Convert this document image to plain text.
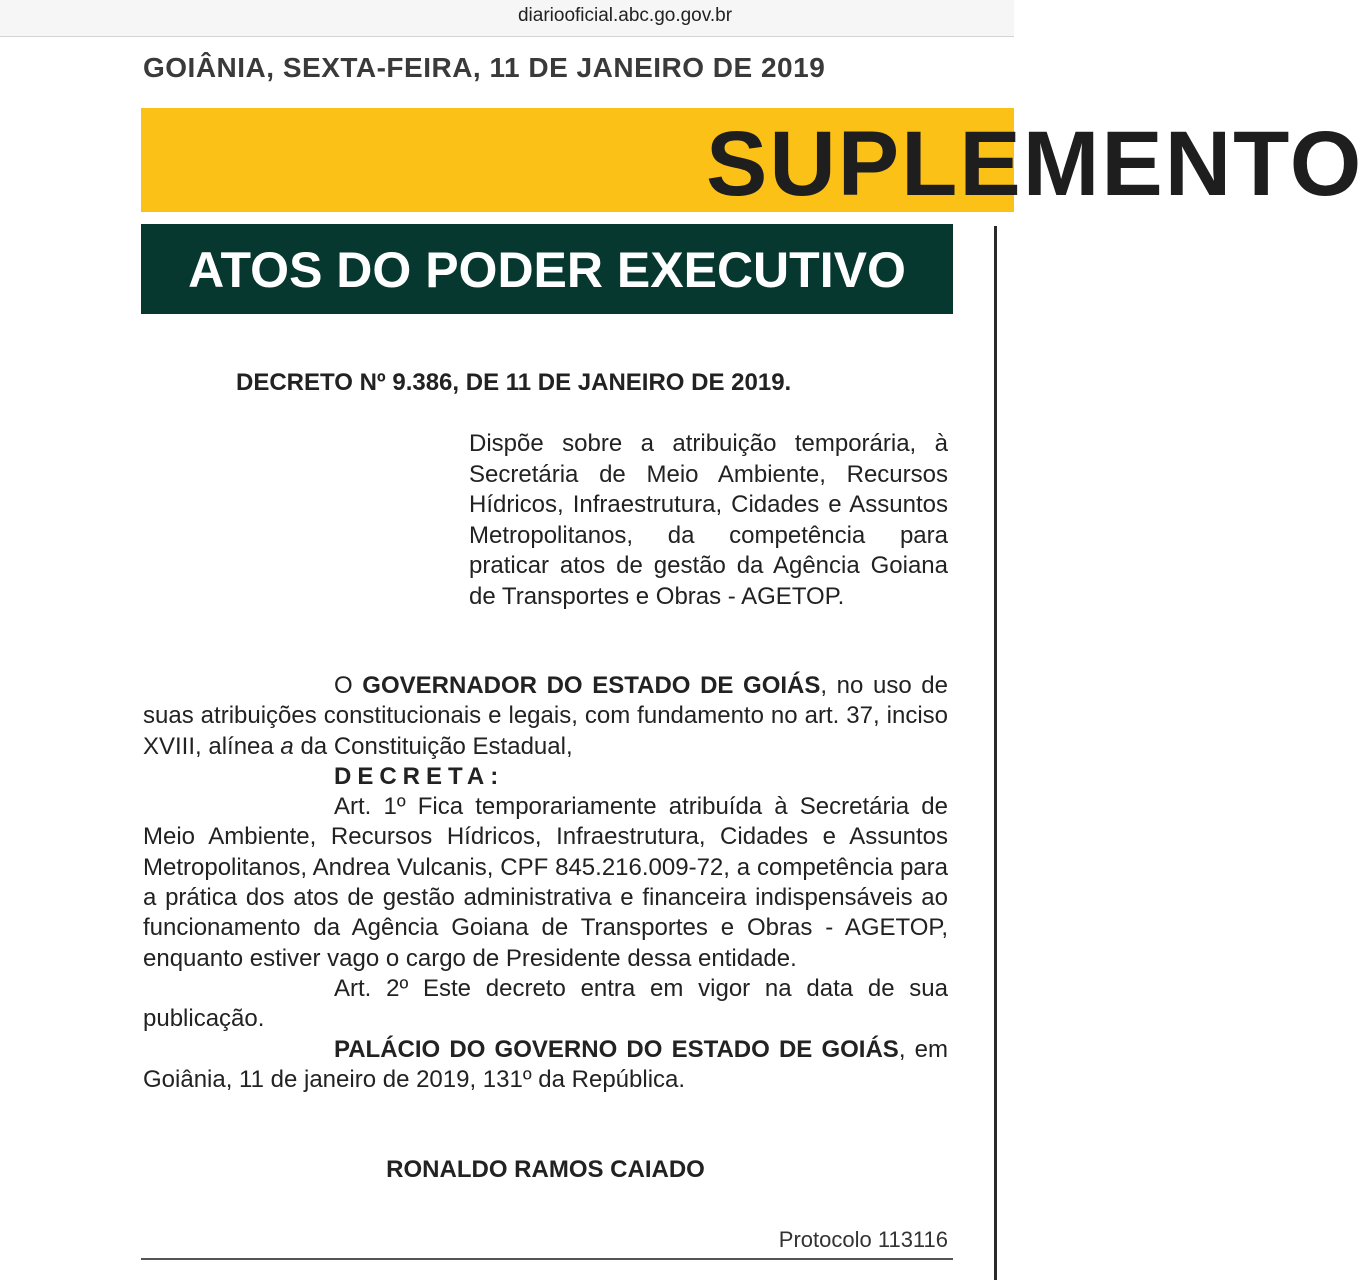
diariooficial.abc.go.gov.br
GOIÂNIA, SEXTA-FEIRA, 11 DE JANEIRO DE 2019
SUPLEMENTO
ATOS DO PODER EXECUTIVO
DECRETO Nº 9.386, DE 11 DE JANEIRO DE 2019.
Dispõe sobre a atribuição temporária, à Secretária de Meio Ambiente, Recursos Hídricos, Infraestrutura, Cidades e Assuntos Metropolitanos, da competência para praticar atos de gestão da Agência Goiana de Transportes e Obras - AGETOP.

O GOVERNADOR DO ESTADO DE GOIÁS, no uso de suas atribuições constitucionais e legais, com fundamento no art. 37, inciso XVIII, alínea a da Constituição Estadual,

DECRETA:

Art. 1º Fica temporariamente atribuída à Secretária de Meio Ambiente, Recursos Hídricos, Infraestrutura, Cidades e Assuntos Metropolitanos, Andrea Vulcanis, CPF 845.216.009-72, a competência para a prática dos atos de gestão administrativa e financeira indispensáveis ao funcionamento da Agência Goiana de Transportes e Obras - AGETOP, enquanto estiver vago o cargo de Presidente dessa entidade.

Art. 2º Este decreto entra em vigor na data de sua publicação.

PALÁCIO DO GOVERNO DO ESTADO DE GOIÁS, em Goiânia, 11 de janeiro de 2019, 131º da República.

RONALDO RAMOS CAIADO
Protocolo 113116
